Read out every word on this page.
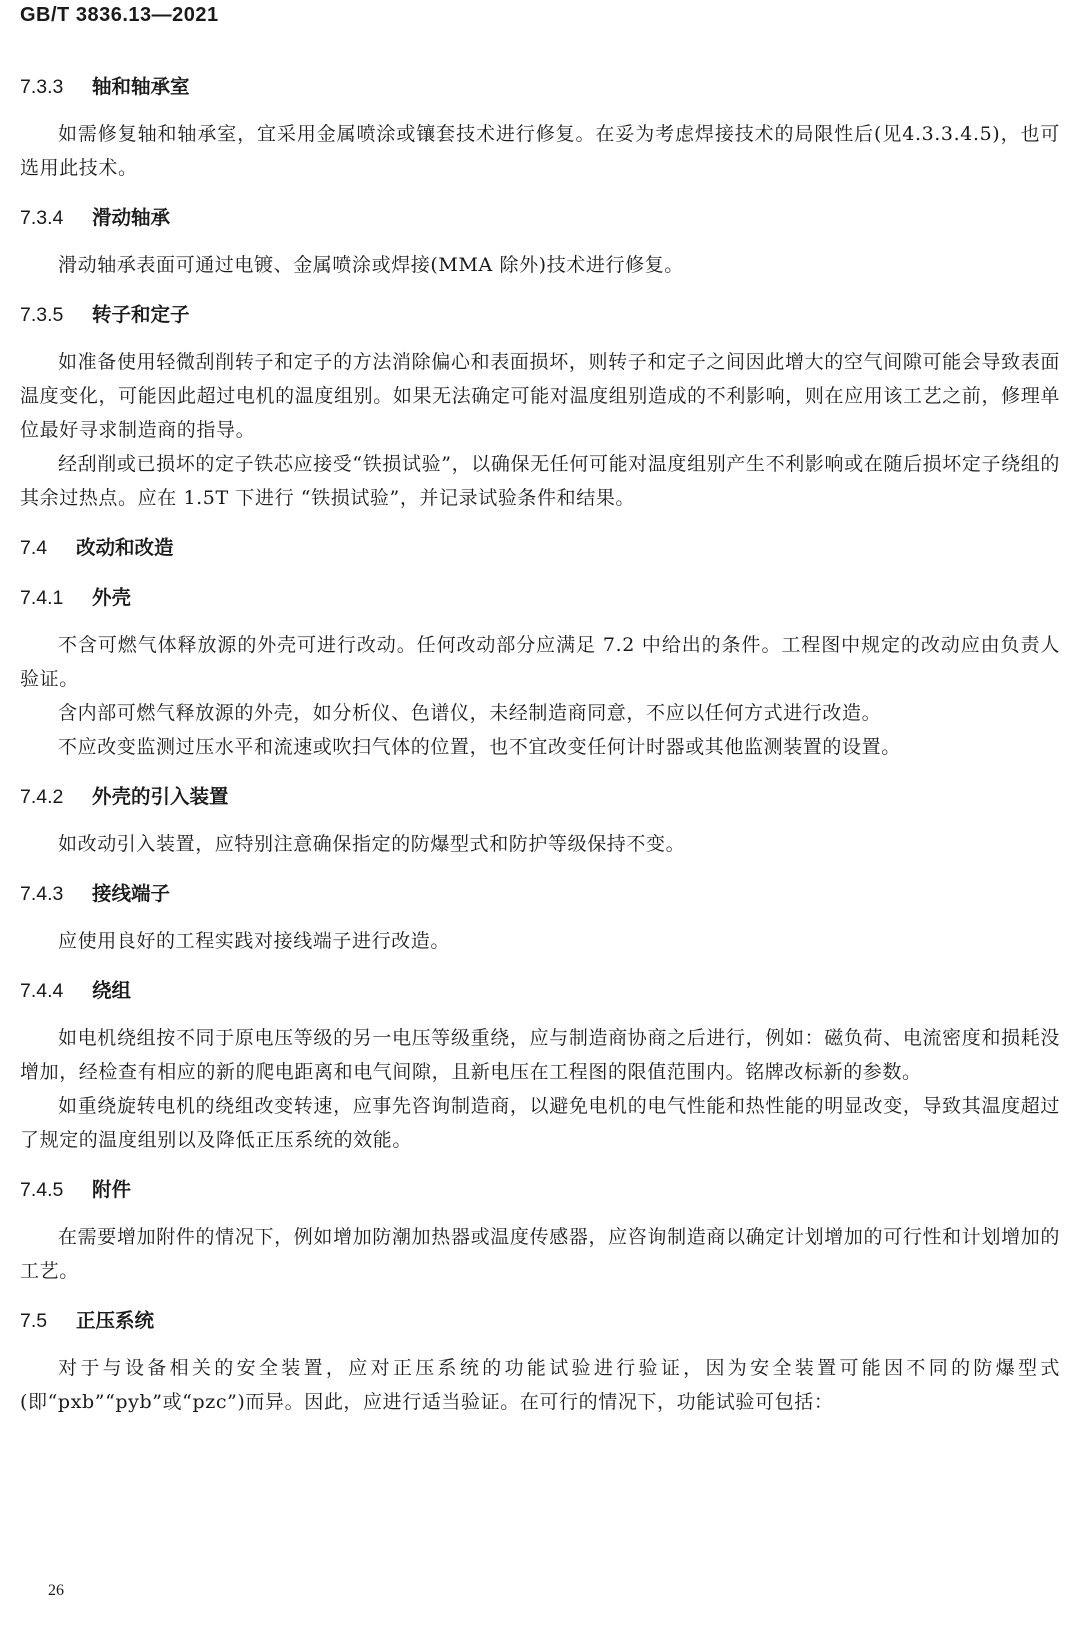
GB/T 3836.13—2021
7.3.3 轴和轴承室

如需修复轴和轴承室，宜采用金属喷涂或镶套技术进行修复。在妥为考虑焊接技术的局限性后(见4.3.3.4.5)，也可选用此技术。

7.3.4 滑动轴承

滑动轴承表面可通过电镀、金属喷涂或焊接(MMA 除外)技术进行修复。

7.3.5 转子和定子

如准备使用轻微刮削转子和定子的方法消除偏心和表面损坏，则转子和定子之间因此增大的空气间隙可能会导致表面温度变化，可能因此超过电机的温度组别。如果无法确定可能对温度组别造成的不利影响，则在应用该工艺之前，修理单位最好寻求制造商的指导。

经刮削或已损坏的定子铁芯应接受“铁损试验”，以确保无任何可能对温度组别产生不利影响或在随后损坏定子绕组的其余过热点。应在 1.5T 下进行 “铁损试验”，并记录试验条件和结果。

7.4 改动和改造
7.4.1 外壳

不含可燃气体释放源的外壳可进行改动。任何改动部分应满足 7.2 中给出的条件。工程图中规定的改动应由负责人验证。

含内部可燃气释放源的外壳，如分析仪、色谱仪，未经制造商同意，不应以任何方式进行改造。

不应改变监测过压水平和流速或吹扫气体的位置，也不宜改变任何计时器或其他监测装置的设置。

7.4.2 外壳的引入装置

如改动引入装置，应特别注意确保指定的防爆型式和防护等级保持不变。

7.4.3 接线端子

应使用良好的工程实践对接线端子进行改造。

7.4.4 绕组

如电机绕组按不同于原电压等级的另一电压等级重绕，应与制造商协商之后进行，例如：磁负荷、电流密度和损耗没增加，经检查有相应的新的爬电距离和电气间隙，且新电压在工程图的限值范围内。铭牌改标新的参数。

如重绕旋转电机的绕组改变转速，应事先咨询制造商，以避免电机的电气性能和热性能的明显改变，导致其温度超过了规定的温度组别以及降低正压系统的效能。

7.4.5 附件

在需要增加附件的情况下，例如增加防潮加热器或温度传感器，应咨询制造商以确定计划增加的可行性和计划增加的工艺。

7.5 正压系统

对于与设备相关的安全装置，应对正压系统的功能试验进行验证，因为安全装置可能因不同的防爆型式(即“pxb”“pyb”或“pzc”)而异。因此，应进行适当验证。在可行的情况下，功能试验可包括：

26
